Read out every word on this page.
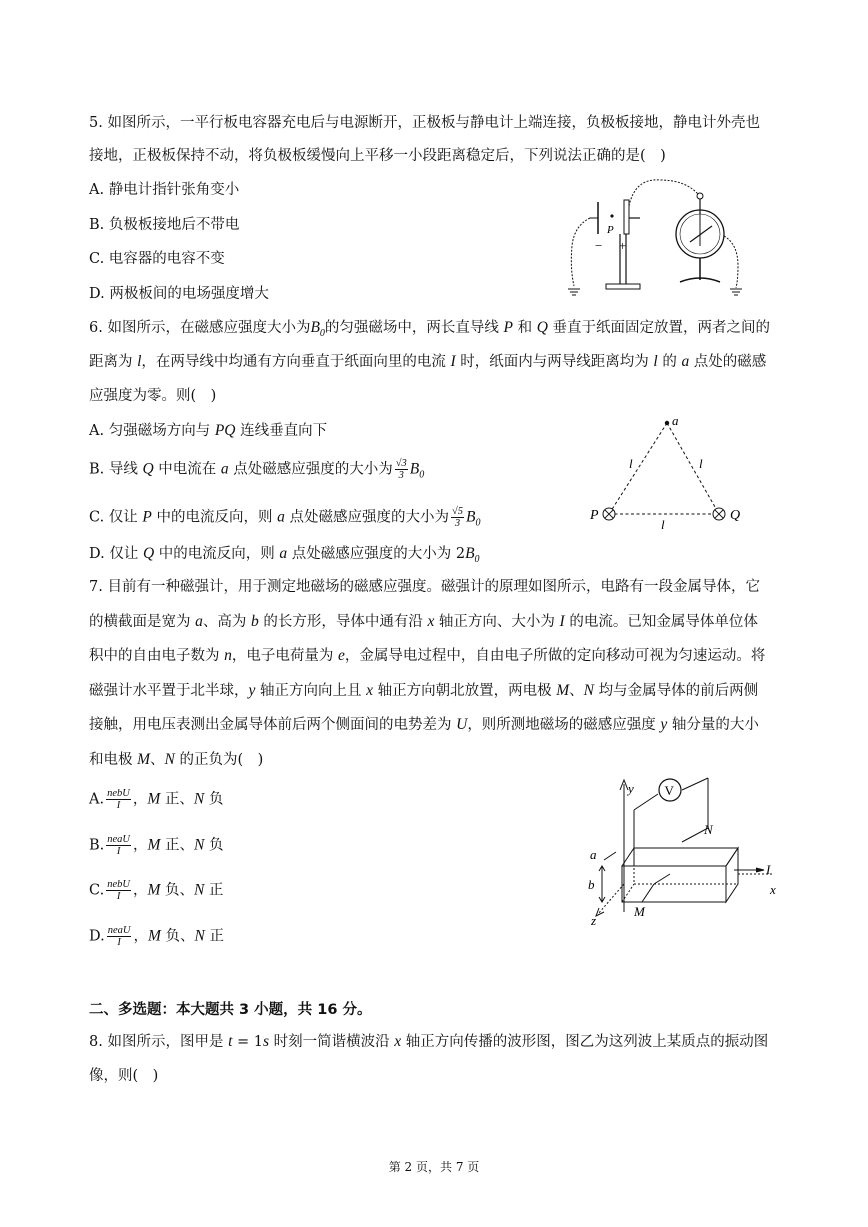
5. 如图所示，一平行板电容器充电后与电源断开，正极板与静电计上端连接，负极板接地，静电计外壳也
接地，正极板保持不动，将负极板缓慢向上平移一小段距离稳定后，下列说法正确的是(　)
A. 静电计指针张角变小
B. 负极板接地后不带电
C. 电容器的电容不变
D. 两极板间的电场强度增大
P
− +
6. 如图所示，在磁感应强度大小为$B_0$的匀强磁场中，两长直导线 P 和 Q 垂直于纸面固定放置，两者之间的
距离为 l，在两导线中均通有方向垂直于纸面向里的电流 I 时，纸面内与两导线距离均为 l 的 a 点处的磁感
应强度为零。则(　)
A. 匀强磁场方向与 PQ 连线垂直向下
B. 导线 Q 中电流在 a 点处磁感应强度的大小为 $\frac{√3}{3} B_0$
C. 仅让 P 中的电流反向，则 a 点处磁感应强度的大小为 $\frac{√5}{3} B_0$
D. 仅让 Q 中的电流反向，则 a 点处磁感应强度的大小为 $2B_0$
a
l	l
l
P	Q
7. 目前有一种磁强计，用于测定地磁场的磁感应强度。磁强计的原理如图所示，电路有一段金属导体，它
的横截面是宽为 a、高为 b 的长方形，导体中通有沿 x 轴正方向、大小为 I 的电流。已知金属导体单位体
积中的自由电子数为 n，电子电荷量为 e，金属导电过程中，自由电子所做的定向移动可视为匀速运动。将
磁强计水平置于北半球，y 轴正方向向上且 x 轴正方向朝北放置，两电极 M、N 均与金属导体的前后两侧
接触，用电压表测出金属导体前后两个侧面间的电势差为 U，则所测地磁场的磁感应强度 y 轴分量的大小
和电极 M、N 的正负为(　)
A. $\frac{\text{nebU}}{I}$ ，M 正、N 负
B. $\frac{\text{neaU}}{I}$ ，M 正、N 负
C. $\frac{\text{nebU}}{I}$ ，M 负、N 正
D. $\frac{\text{neaU}}{I}$ ，M 负、N 正
y V
N
M
a
b
I
x
z
二、多选题：本大题共 3 小题，共 16 分。
8. 如图所示，图甲是 t = 1s 时刻一简谐横波沿 x 轴正方向传播的波形图，图乙为这列波上某质点的振动图
像，则(　)
第 2 页，共 7 页
